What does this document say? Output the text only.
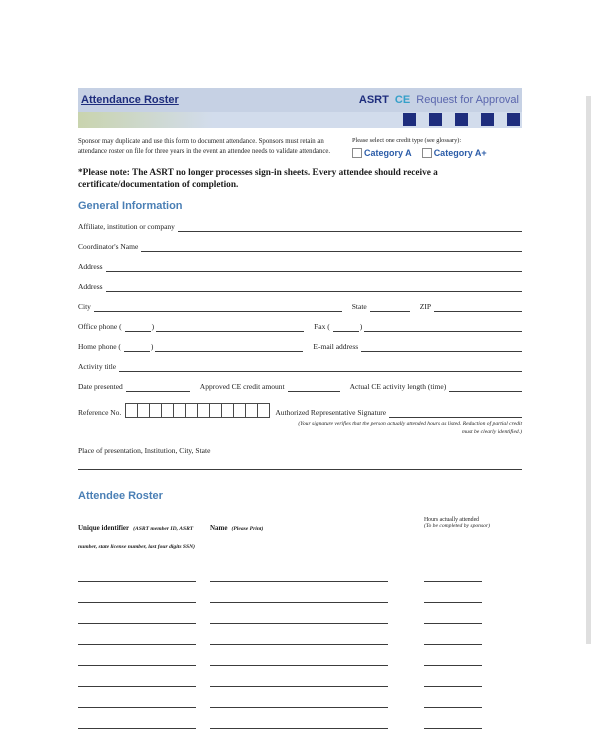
Attendance Roster	ASRT CE Request for Approval
Sponsor may duplicate and use this form to document attendance. Sponsors must retain an attendance roster on file for three years in the event an attendee needs to validate attendance.
Please select one credit type (see glossary):
Category A Category A+
*Please note: The ASRT no longer processes sign-in sheets. Every attendee should receive a certificate/documentation of completion.
General Information
Affiliate, institution or company
Coordinator's Name
Address
Address
City	State	ZIP
Office phone (	)	Fax (	)
Home phone (	)	E-mail address
Activity title
Date presented	Approved CE credit amount	Actual CE activity length (time)
Reference No.	Authorized Representative Signature
(Your signature verifies that the person actually attended hours as listed. Reduction of partial credit must be clearly identified.)
Place of presentation, Institution, City, State
Attendee Roster
Unique identifier (ASRT member ID, ASRT number, state license number, last four digits SSN)
Name (Please Print)
Hours actually attended
(To be completed by sponsor)
